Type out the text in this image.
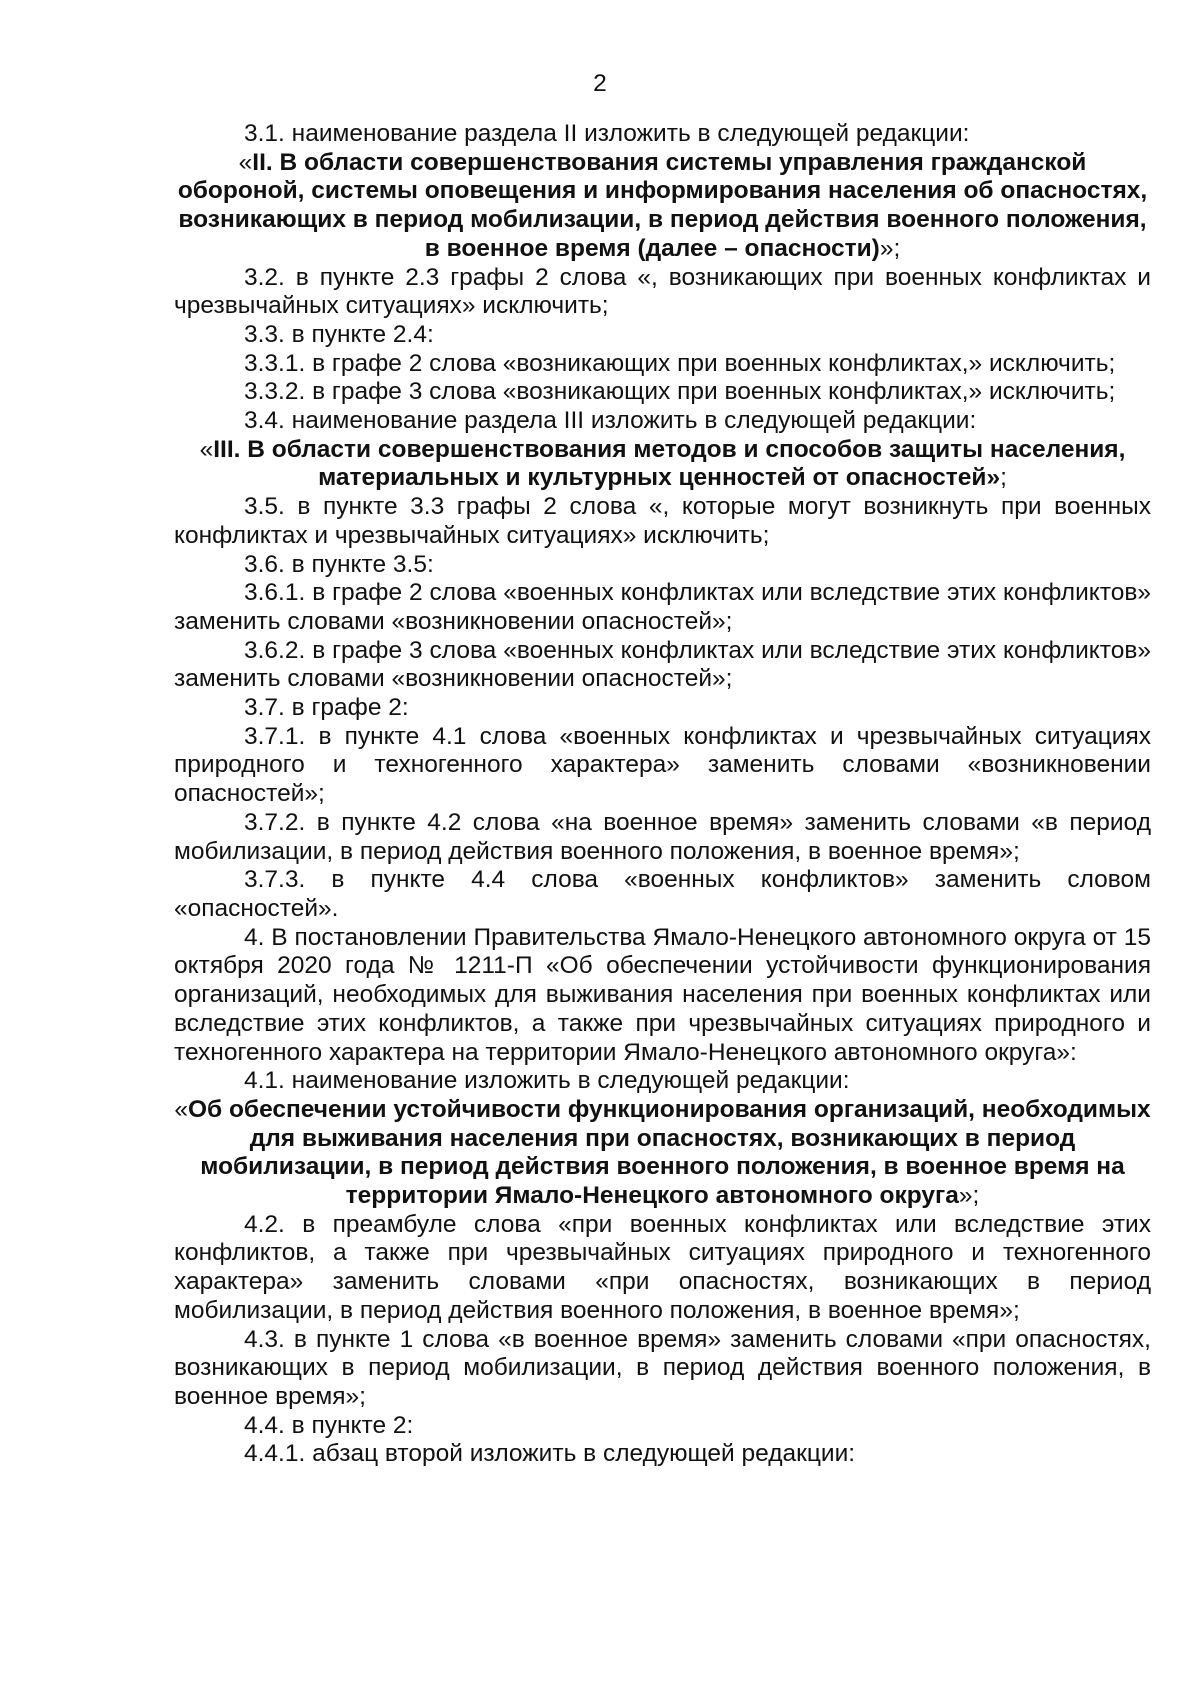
2

3.1. наименование раздела II изложить в следующей редакции:

«II. В области совершенствования системы управления гражданской обороной, системы оповещения и информирования населения об опасностях, возникающих в период мобилизации, в период действия военного положения, в военное время (далее – опасности)»;

3.2. в пункте 2.3 графы 2 слова «, возникающих при военных конфликтах и чрезвычайных ситуациях» исключить;

3.3. в пункте 2.4:

3.3.1. в графе 2 слова «возникающих при военных конфликтах,» исключить;

3.3.2. в графе 3 слова «возникающих при военных конфликтах,» исключить;

3.4. наименование раздела III изложить в следующей редакции:

«III. В области совершенствования методов и способов защиты населения, материальных и культурных ценностей от опасностей»;

3.5. в пункте 3.3 графы 2 слова «, которые могут возникнуть при военных конфликтах и чрезвычайных ситуациях» исключить;

3.6. в пункте 3.5:

3.6.1. в графе 2 слова «военных конфликтах или вследствие этих конфликтов» заменить словами «возникновении опасностей»;

3.6.2. в графе 3 слова «военных конфликтах или вследствие этих конфликтов» заменить словами «возникновении опасностей»;

3.7. в графе 2:

3.7.1. в пункте 4.1 слова «военных конфликтах и чрезвычайных ситуациях природного и техногенного характера» заменить словами «возникновении опасностей»;

3.7.2. в пункте 4.2 слова «на военное время» заменить словами «в период мобилизации, в период действия военного положения, в военное время»;

3.7.3. в пункте 4.4 слова «военных конфликтов» заменить словом «опасностей».

4. В постановлении Правительства Ямало-Ненецкого автономного округа от 15 октября 2020 года № 1211-П «Об обеспечении устойчивости функционирования организаций, необходимых для выживания населения при военных конфликтах или вследствие этих конфликтов, а также при чрезвычайных ситуациях природного и техногенного характера на территории Ямало-Ненецкого автономного округа»:

4.1. наименование изложить в следующей редакции:

«Об обеспечении устойчивости функционирования организаций, необходимых для выживания населения при опасностях, возникающих в период мобилизации, в период действия военного положения, в военное время на территории Ямало-Ненецкого автономного округа»;

4.2. в преамбуле слова «при военных конфликтах или вследствие этих конфликтов, а также при чрезвычайных ситуациях природного и техногенного характера» заменить словами «при опасностях, возникающих в период мобилизации, в период действия военного положения, в военное время»;

4.3. в пункте 1 слова «в военное время» заменить словами «при опасностях, возникающих в период мобилизации, в период действия военного положения, в военное время»;

4.4. в пункте 2:

4.4.1. абзац второй изложить в следующей редакции:
